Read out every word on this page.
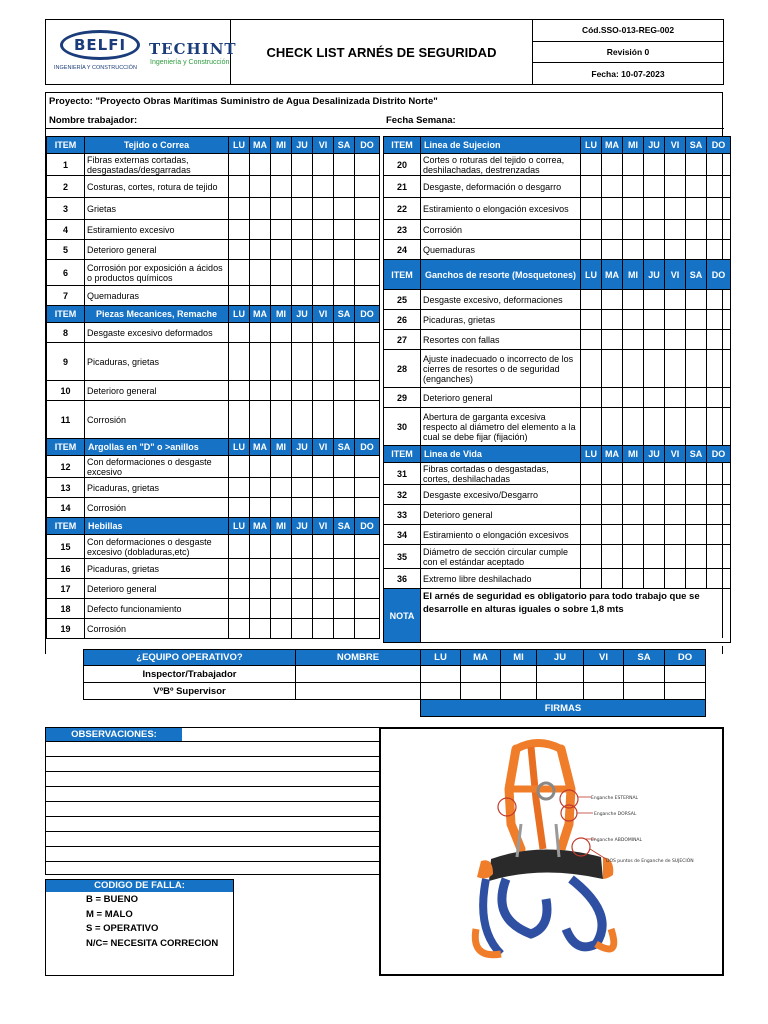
BELFI	TECHINT
INGENIERÍA Y CONSTRUCCIÓN
Ingeniería y Construcción
CHECK LIST ARNÉS DE SEGURIDAD
Cód.SSO-013-REG-002
Revisión 0
Fecha: 10-07-2023
Proyecto: "Proyecto Obras Marítimas Suministro de Agua Desalinizada Distrito Norte"
Nombre trabajador:	Fecha Semana:
ITEM	Tejido o Correa	LU	MA	MI	JU	VI	SA	DO
1	Fibras externas cortadas, desgastadas/desgarradas							
2	Costuras, cortes, rotura de tejido							
3	Grietas							
4	Estiramiento excesivo							
5	Deterioro general							
6	Corrosión por exposición a ácidos o productos químicos							
7	Quemaduras							
ITEM	Piezas Mecanices, Remache	LU	MA	MI	JU	VI	SA	DO
8	Desgaste excesivo deformados							
9	Picaduras, grietas							
10	Deterioro general							
11	Corrosión							
ITEM	Argollas en "D" o >anillos	LU	MA	MI	JU	VI	SA	DO
12	Con deformaciones o desgaste excesivo							
13	Picaduras, grietas							
14	Corrosión							
ITEM	Hebillas	LU	MA	MI	JU	VI	SA	DO
15	Con deformaciones o desgaste excesivo (dobladuras,etc)							
16	Picaduras, grietas							
17	Deterioro general							
18	Defecto funcionamiento							
19	Corrosión							
ITEM	Linea de Sujecion	LU	MA	MI	JU	VI	SA	DO
20	Cortes o roturas del tejido o correa, deshilachadas, destrenzadas							
21	Desgaste, deformación o desgarro							
22	Estiramiento o elongación excesivos							
23	Corrosión							
24	Quemaduras							
ITEM	Ganchos de resorte (Mosquetones)	LU	MA	MI	JU	VI	SA	DO
25	Desgaste excesivo, deformaciones							
26	Picaduras, grietas							
27	Resortes con fallas							
28	Ajuste inadecuado o incorrecto de los cierres de resortes o de seguridad (enganches)							
29	Deterioro general							
30	Abertura de garganta excesiva respecto al diámetro del elemento a la cual se debe fijar (fijación)							
ITEM	Linea de Vida	LU	MA	MI	JU	VI	SA	DO
31	Fibras cortadas o desgastadas, cortes, deshilachadas							
32	Desgaste excesivo/Desgarro							
33	Deterioro general							
34	Estiramiento o elongación excesivos							
35	Diámetro de sección circular cumple con el estándar aceptado							
36	Extremo libre deshilachado							
NOTA	El arnés de seguridad es obligatorio para todo trabajo que se desarrolle en alturas iguales o sobre 1,8 mts							
¿EQUIPO OPERATIVO?	NOMBRE	LU	MA	MI	JU	VI	SA	DO
Inspector/Trabajador								
VºBº Supervisor								
		FIRMAS						
OBSERVACIONES:
CODIGO DE FALLA:
B = BUENO
M = MALO
S = OPERATIVO
N/C= NECESITA CORRECION
Enganche ESTERNAL
Enganche DORSAL
Enganche ABDOMINAL
DOS puntos de Enganche de SUJECIÓN
